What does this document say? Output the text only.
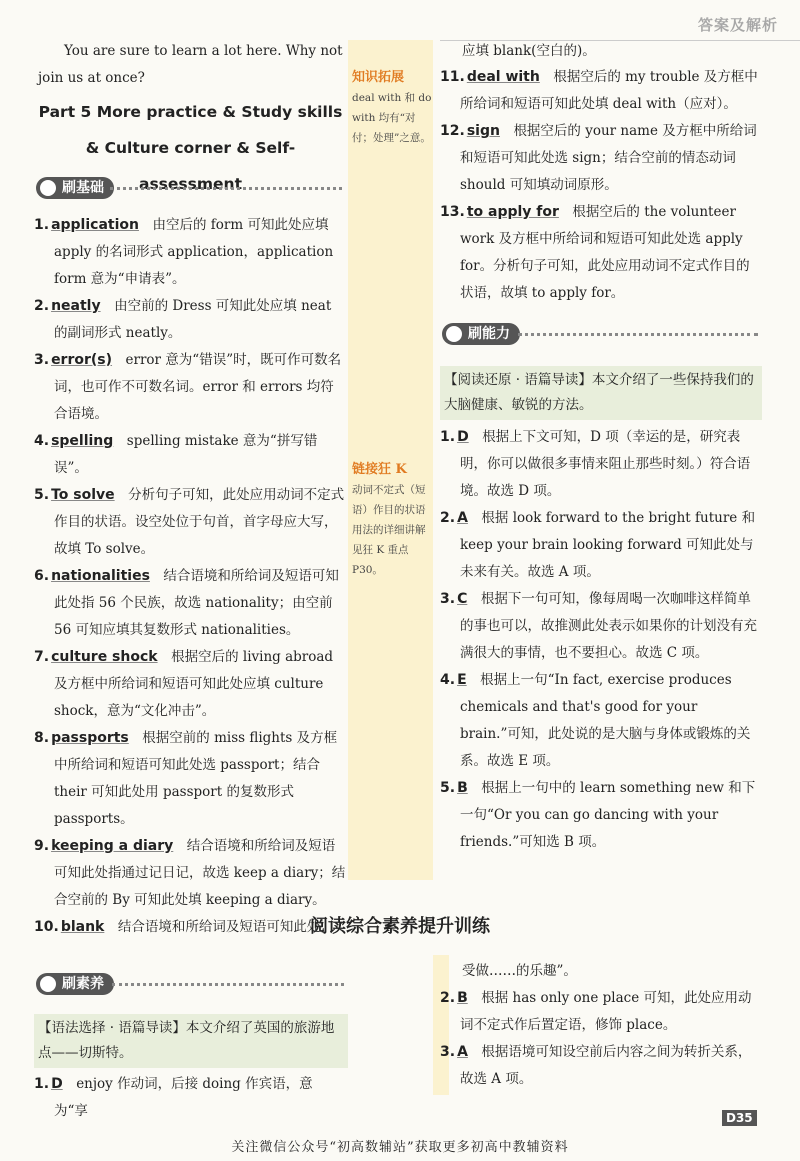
答案及解析
You are sure to learn a lot here. Why not join us at once?
Part 5 More practice & Study skills & Culture corner & Self-assessment
刷基础
1. application  由空后的 form 可知此处应填 apply 的名词形式 application，application form 意为“申请表”。
2. neatly  由空前的 Dress 可知此处应填 neat 的副词形式 neatly。
3. error(s)  error 意为“错误”时，既可作可数名词，也可作不可数名词。error 和 errors 均符合语境。
4. spelling  spelling mistake 意为“拼写错误”。
5. To solve  分析句子可知，此处应用动词不定式作目的状语。设空处位于句首，首字母应大写，故填 To solve。
6. nationalities  结合语境和所给词及短语可知此处指 56 个民族，故选 nationality；由空前 56 可知应填其复数形式 nationalities。
7. culture shock  根据空后的 living abroad 及方框中所给词和短语可知此处应填 culture shock，意为“文化冲击”。
8. passports  根据空前的 miss flights 及方框中所给词和短语可知此处选 passport；结合 their 可知此处用 passport 的复数形式 passports。
9. keeping a diary  结合语境和所给词及短语可知此处指通过记日记，故选 keep a diary；结合空前的 By 可知此处填 keeping a diary。
10. blank  结合语境和所给词及短语可知此处
知识拓展
deal with 和 do with 均有“对付；处理”之意。
链接狂 K
动词不定式（短语）作目的状语用法的详细讲解见狂 K 重点 P30。
应填 blank(空白的)。
11. deal with  根据空后的 my trouble 及方框中所给词和短语可知此处填 deal with（应对）。
12. sign  根据空后的 your name 及方框中所给词和短语可知此处选 sign；结合空前的情态动词 should 可知填动词原形。
13. to apply for  根据空后的 the volunteer work 及方框中所给词和短语可知此处选 apply for。分析句子可知，此处应用动词不定式作目的状语，故填 to apply for。
刷能力
【阅读还原 · 语篇导读】本文介绍了一些保持我们的大脑健康、敏锐的方法。
1. D  根据上下文可知，D 项（幸运的是，研究表明，你可以做很多事情来阻止那些时刻。）符合语境。故选 D 项。
2. A  根据 look forward to the bright future 和 keep your brain looking forward 可知此处与未来有关。故选 A 项。
3. C  根据下一句可知，像每周喝一次咖啡这样简单的事也可以，故推测此处表示如果你的计划没有充满很大的事情，也不要担心。故选 C 项。
4. E  根据上一句“In fact, exercise produces chemicals and that's good for your brain.”可知，此处说的是大脑与身体或锻炼的关系。故选 E 项。
5. B  根据上一句中的 learn something new 和下一句“Or you can go dancing with your friends.”可知选 B 项。
阅读综合素养提升训练
刷素养
【语法选择 · 语篇导读】本文介绍了英国的旅游地点——切斯特。
1. D  enjoy 作动词，后接 doing 作宾语，意为“享
受做……的乐趣”。
2. B  根据 has only one place 可知，此处应用动词不定式作后置定语，修饰 place。
3. A  根据语境可知设空前后内容之间为转折关系，故选 A 项。
D35
关注微信公众号“初高数辅站”获取更多初高中教辅资料
